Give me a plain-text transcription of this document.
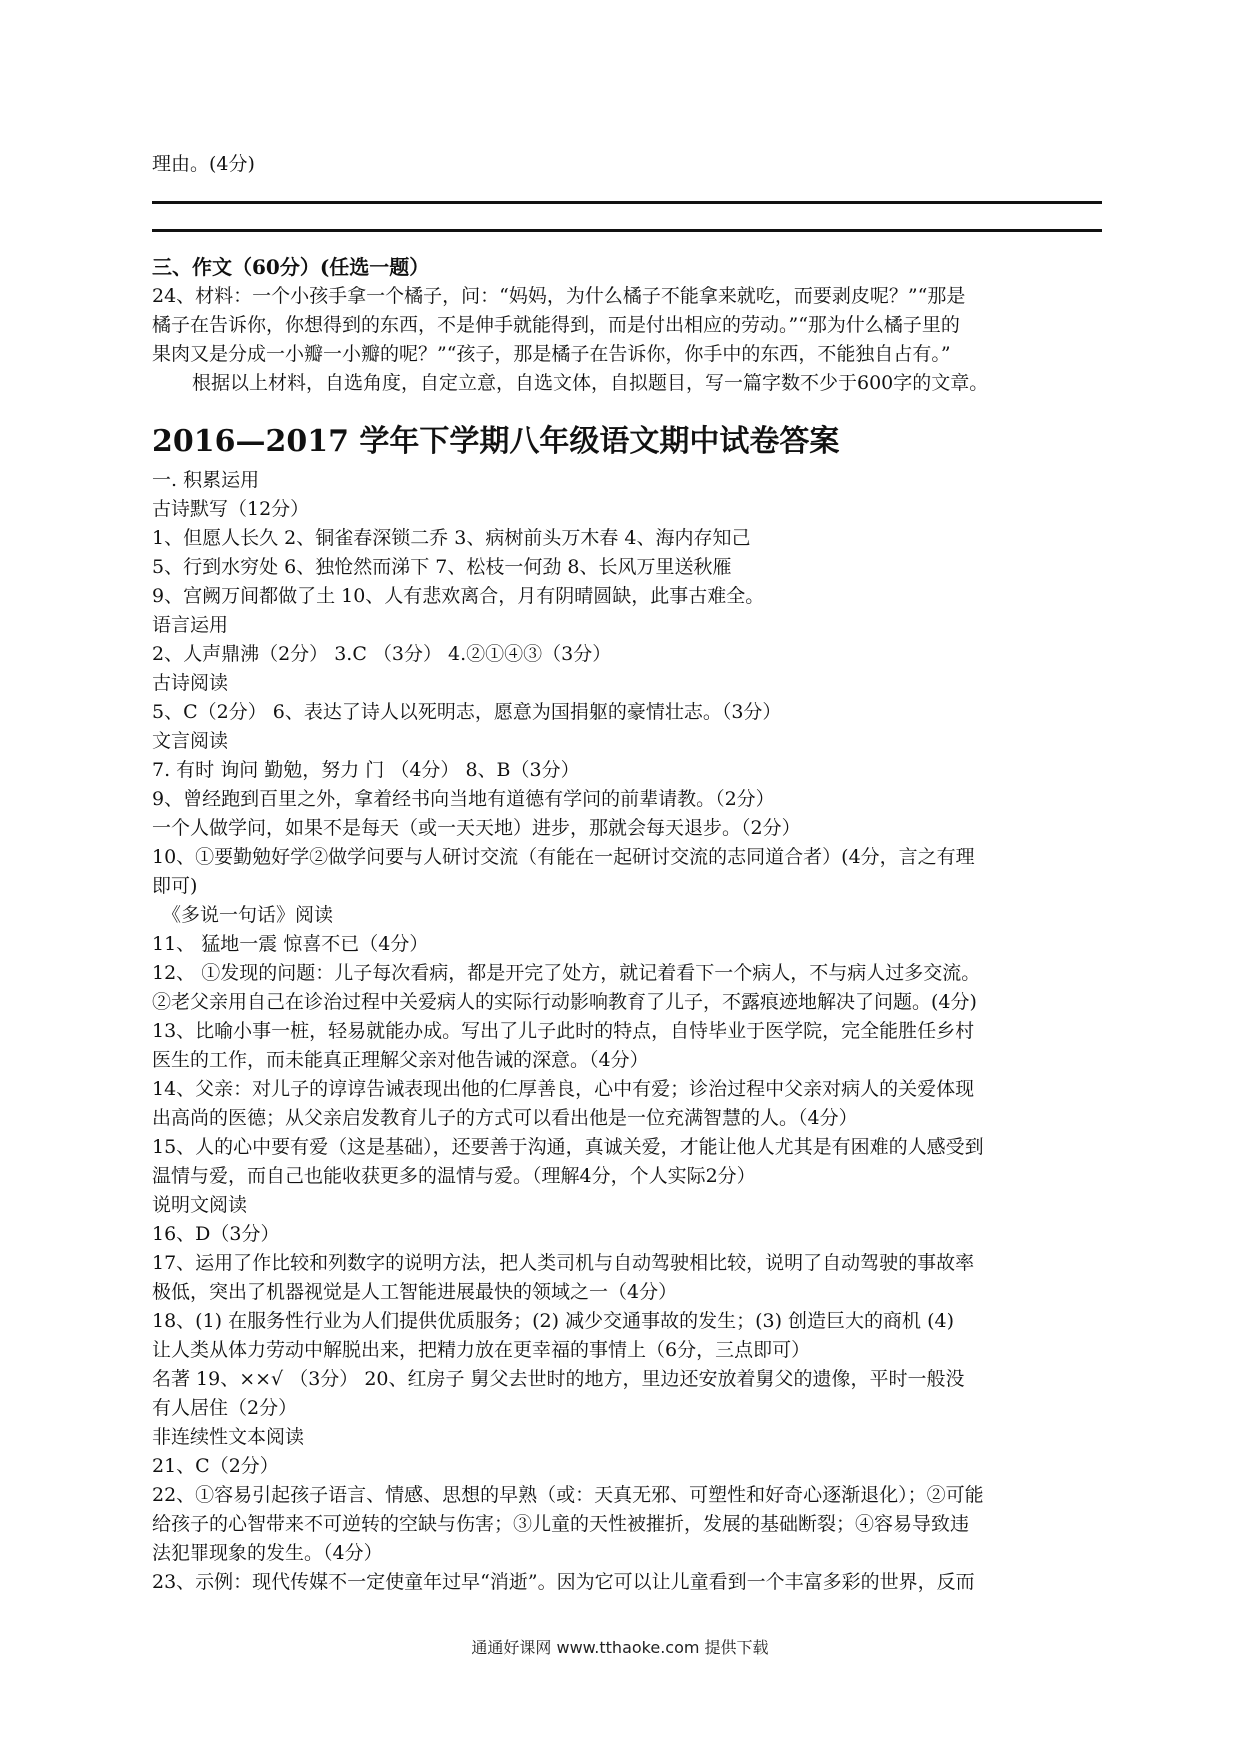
理由。(4分)
三、作文（60分）(任选一题）
24、材料：一个小孩手拿一个橘子，问：“妈妈，为什么橘子不能拿来就吃，而要剥皮呢？”“那是
橘子在告诉你，你想得到的东西，不是伸手就能得到，而是付出相应的劳动。”“那为什么橘子里的
果肉又是分成一小瓣一小瓣的呢？”“孩子，那是橘子在告诉你，你手中的东西，不能独自占有。”
根据以上材料，自选角度，自定立意，自选文体，自拟题目，写一篇字数不少于600字的文章。
2016—2017 学年下学期八年级语文期中试卷答案
一. 积累运用
古诗默写（12分）
1、但愿人长久 2、铜雀春深锁二乔 3、病树前头万木春 4、海内存知己
5、行到水穷处 6、独怆然而涕下 7、松枝一何劲 8、长风万里送秋雁
9、宫阙万间都做了土 10、人有悲欢离合，月有阴晴圆缺，此事古难全。
语言运用
2、人声鼎沸（2分） 3.C （3分） 4.②①④③（3分）
古诗阅读
5、C（2分） 6、表达了诗人以死明志，愿意为国捐躯的豪情壮志。（3分）
文言阅读
7. 有时 询问 勤勉，努力 门 （4分） 8、B（3分）
9、曾经跑到百里之外，拿着经书向当地有道德有学问的前辈请教。（2分）
一个人做学问，如果不是每天（或一天天地）进步，那就会每天退步。（2分）
10、①要勤勉好学②做学问要与人研讨交流（有能在一起研讨交流的志同道合者）(4分，言之有理
即可)
《多说一句话》阅读
11、 猛地一震 惊喜不已（4分）
12、 ①发现的问题：儿子每次看病，都是开完了处方，就记着看下一个病人，不与病人过多交流。
②老父亲用自己在诊治过程中关爱病人的实际行动影响教育了儿子，不露痕迹地解决了问题。(4分)
13、比喻小事一桩，轻易就能办成。写出了儿子此时的特点，自恃毕业于医学院，完全能胜任乡村
医生的工作，而未能真正理解父亲对他告诫的深意。（4分）
14、父亲：对儿子的谆谆告诫表现出他的仁厚善良，心中有爱；诊治过程中父亲对病人的关爱体现
出高尚的医德；从父亲启发教育儿子的方式可以看出他是一位充满智慧的人。（4分）
15、人的心中要有爱（这是基础），还要善于沟通，真诚关爱，才能让他人尤其是有困难的人感受到
温情与爱，而自己也能收获更多的温情与爱。（理解4分，个人实际2分）
说明文阅读
16、D（3分）
17、运用了作比较和列数字的说明方法，把人类司机与自动驾驶相比较，说明了自动驾驶的事故率
极低，突出了机器视觉是人工智能进展最快的领域之一（4分）
18、(1) 在服务性行业为人们提供优质服务；(2) 减少交通事故的发生；(3) 创造巨大的商机 (4)
让人类从体力劳动中解脱出来，把精力放在更幸福的事情上（6分，三点即可）
名著 19、××√ （3分） 20、红房子 舅父去世时的地方，里边还安放着舅父的遗像，平时一般没
有人居住（2分）
非连续性文本阅读
21、C（2分）
22、①容易引起孩子语言、情感、思想的早熟（或：天真无邪、可塑性和好奇心逐渐退化）；②可能
给孩子的心智带来不可逆转的空缺与伤害；③儿童的天性被摧折，发展的基础断裂；④容易导致违
法犯罪现象的发生。（4分）
23、示例：现代传媒不一定使童年过早“消逝”。因为它可以让儿童看到一个丰富多彩的世界，反而
通通好课网 www.tthaoke.com 提供下载
